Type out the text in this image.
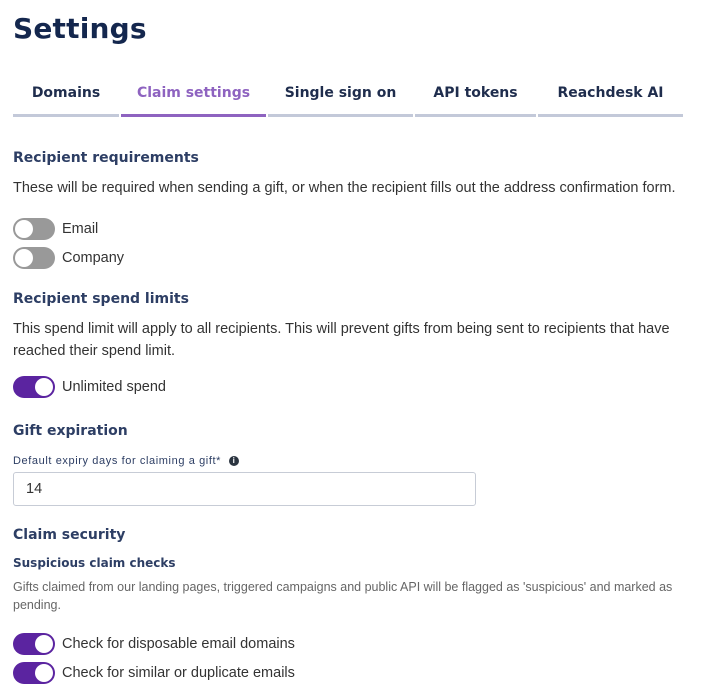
Settings
Domains	Claim settings Single sign on	API tokens	Reachdesk AI
Recipient requirements
These will be required when sending a gift, or when the recipient fills out the address confirmation form.
Email
Company
Recipient spend limits
This spend limit will apply to all recipients. This will prevent gifts from being sent to recipients that have reached their spend limit.
Unlimited spend
Gift expiration
Default expiry days for claiming a gift*	i
14
Claim security
Suspicious claim checks
Gifts claimed from our landing pages, triggered campaigns and public API will be flagged as 'suspicious' and marked as pending.
Check for disposable email domains
Check for similar or duplicate emails
